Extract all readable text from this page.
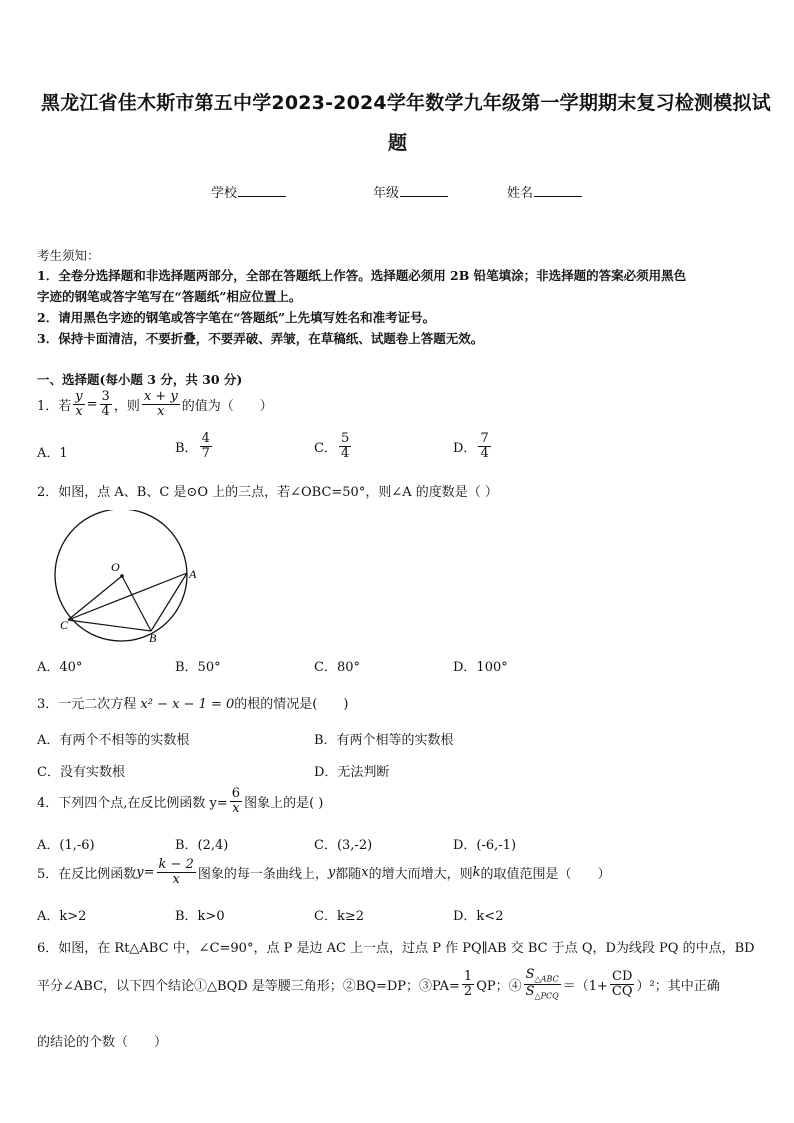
黑龙江省佳木斯市第五中学2023-2024学年数学九年级第一学期期末复习检测模拟试
题
学校	年级	姓名
考生须知：
1．全卷分选择题和非选择题两部分，全部在答题纸上作答。选择题必须用 2B 铅笔填涂；非选择题的答案必须用黑色
字迹的钢笔或答字笔写在“答题纸”相应位置上。
2．请用黑色字迹的钢笔或答字笔在“答题纸”上先填写姓名和准考证号。
3．保持卡面清洁，不要折叠，不要弄破、弄皱，在草稿纸、试题卷上答题无效。
一、选择题(每小题 3 分，共 30 分)
1．若 $\frac{y}{x} = \frac{3}{4}$ ，则 $\frac{x + y}{x}$ 的值为（　　）
A．1	B． $\frac{4}{7}$	C． $\frac{5}{4}$	D． $\frac{7}{4}$
2．如图，点 A、B、C 是⊙O 上的三点，若∠OBC=50°，则∠A 的度数是（ ）
O	A
B
C
A．40°	B．50°	C．80°	D．100°
3．一元二次方程 x² − x − 1 = 0的根的情况是(　　)
A．有两个不相等的实数根	B．有两个相等的实数根
C．没有实数根	D．无法判断
4．下列四个点,在反比例函数 $y= \frac{6}{x}$ 图象上的是( )
A．(1,-6)	B．(2,4)	C．(3,-2)	D．(-6,-1)
5．在反比例函数 $y = \frac{k - 2}{x}$ 图象的每一条曲线上， y 都随 x 的增大而增大，则 k 的取值范围是（　　）
A．k>2	B．k>0	C．k≥2	D．k<2
6．如图，在 Rt△ABC 中，∠C=90°，点 P 是边 AC 上一点，过点 P 作 PQ∥AB 交 BC 于点 Q，D为线段 PQ 的中点，BD
平分∠ABC，以下四个结论①△BQD 是等腰三角形；②BQ=DP；③PA= $\frac{1}{2}$ QP；④ $\frac{S_{\triangle ABC}}{S_{\triangle PCQ}} =(1+ \frac{CD}{CQ} )^2$；其中正确
的结论的个数（　　）
